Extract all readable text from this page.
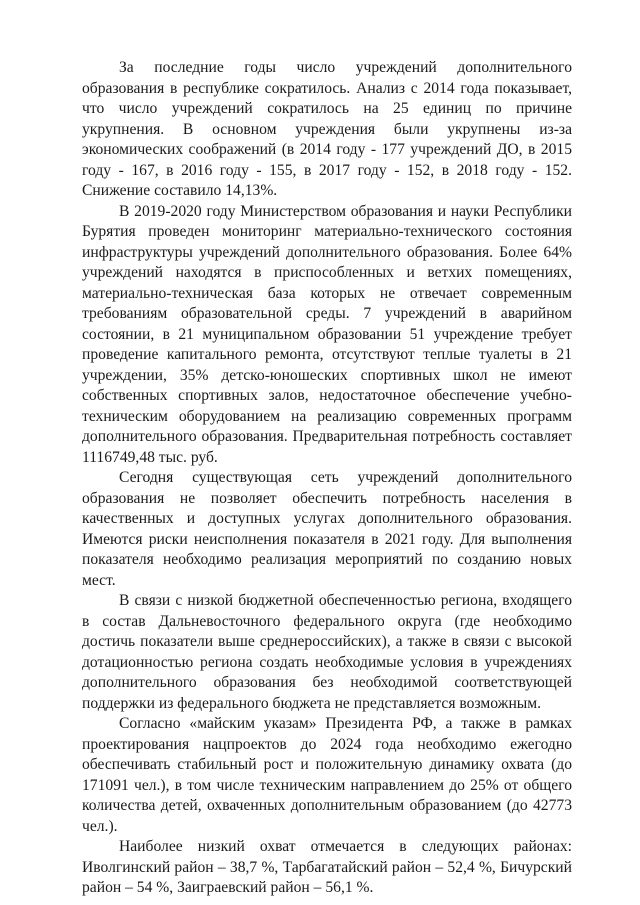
За последние годы число учреждений дополнительного образования в республике сократилось. Анализ с 2014 года показывает, что число учреждений сократилось на 25 единиц по причине укрупнения. В основном учреждения были укрупнены из-за экономических соображений (в 2014 году - 177 учреждений ДО, в 2015 году - 167, в 2016 году - 155, в 2017 году - 152, в 2018 году - 152. Снижение составило 14,13%.

В 2019-2020 году Министерством образования и науки Республики Бурятия проведен мониторинг материально-технического состояния инфраструктуры учреждений дополнительного образования. Более 64% учреждений находятся в приспособленных и ветхих помещениях, материально-техническая база которых не отвечает современным требованиям образовательной среды. 7 учреждений в аварийном состоянии, в 21 муниципальном образовании 51 учреждение требует проведение капитального ремонта, отсутствуют теплые туалеты в 21 учреждении, 35% детско-юношеских спортивных школ не имеют собственных спортивных залов, недостаточное обеспечение учебно-техническим оборудованием на реализацию современных программ дополнительного образования. Предварительная потребность составляет 1116749,48 тыс. руб.

Сегодня существующая сеть учреждений дополнительного образования не позволяет обеспечить потребность населения в качественных и доступных услугах дополнительного образования. Имеются риски неисполнения показателя в 2021 году. Для выполнения показателя необходимо реализация мероприятий по созданию новых мест.

В связи с низкой бюджетной обеспеченностью региона, входящего в состав Дальневосточного федерального округа (где необходимо достичь показатели выше среднероссийских), а также в связи с высокой дотационностью региона создать необходимые условия в учреждениях дополнительного образования без необходимой соответствующей поддержки из федерального бюджета не представляется возможным.

Согласно «майским указам» Президента РФ, а также в рамках проектирования нацпроектов до 2024 года необходимо ежегодно обеспечивать стабильный рост и положительную динамику охвата (до 171091 чел.), в том числе техническим направлением до 25% от общего количества детей, охваченных дополнительным образованием (до 42773 чел.).

Наиболее низкий охват отмечается в следующих районах: Иволгинский район – 38,7 %, Тарбагатайский район – 52,4 %, Бичурский район – 54 %, Заиграевский район – 56,1 %.
